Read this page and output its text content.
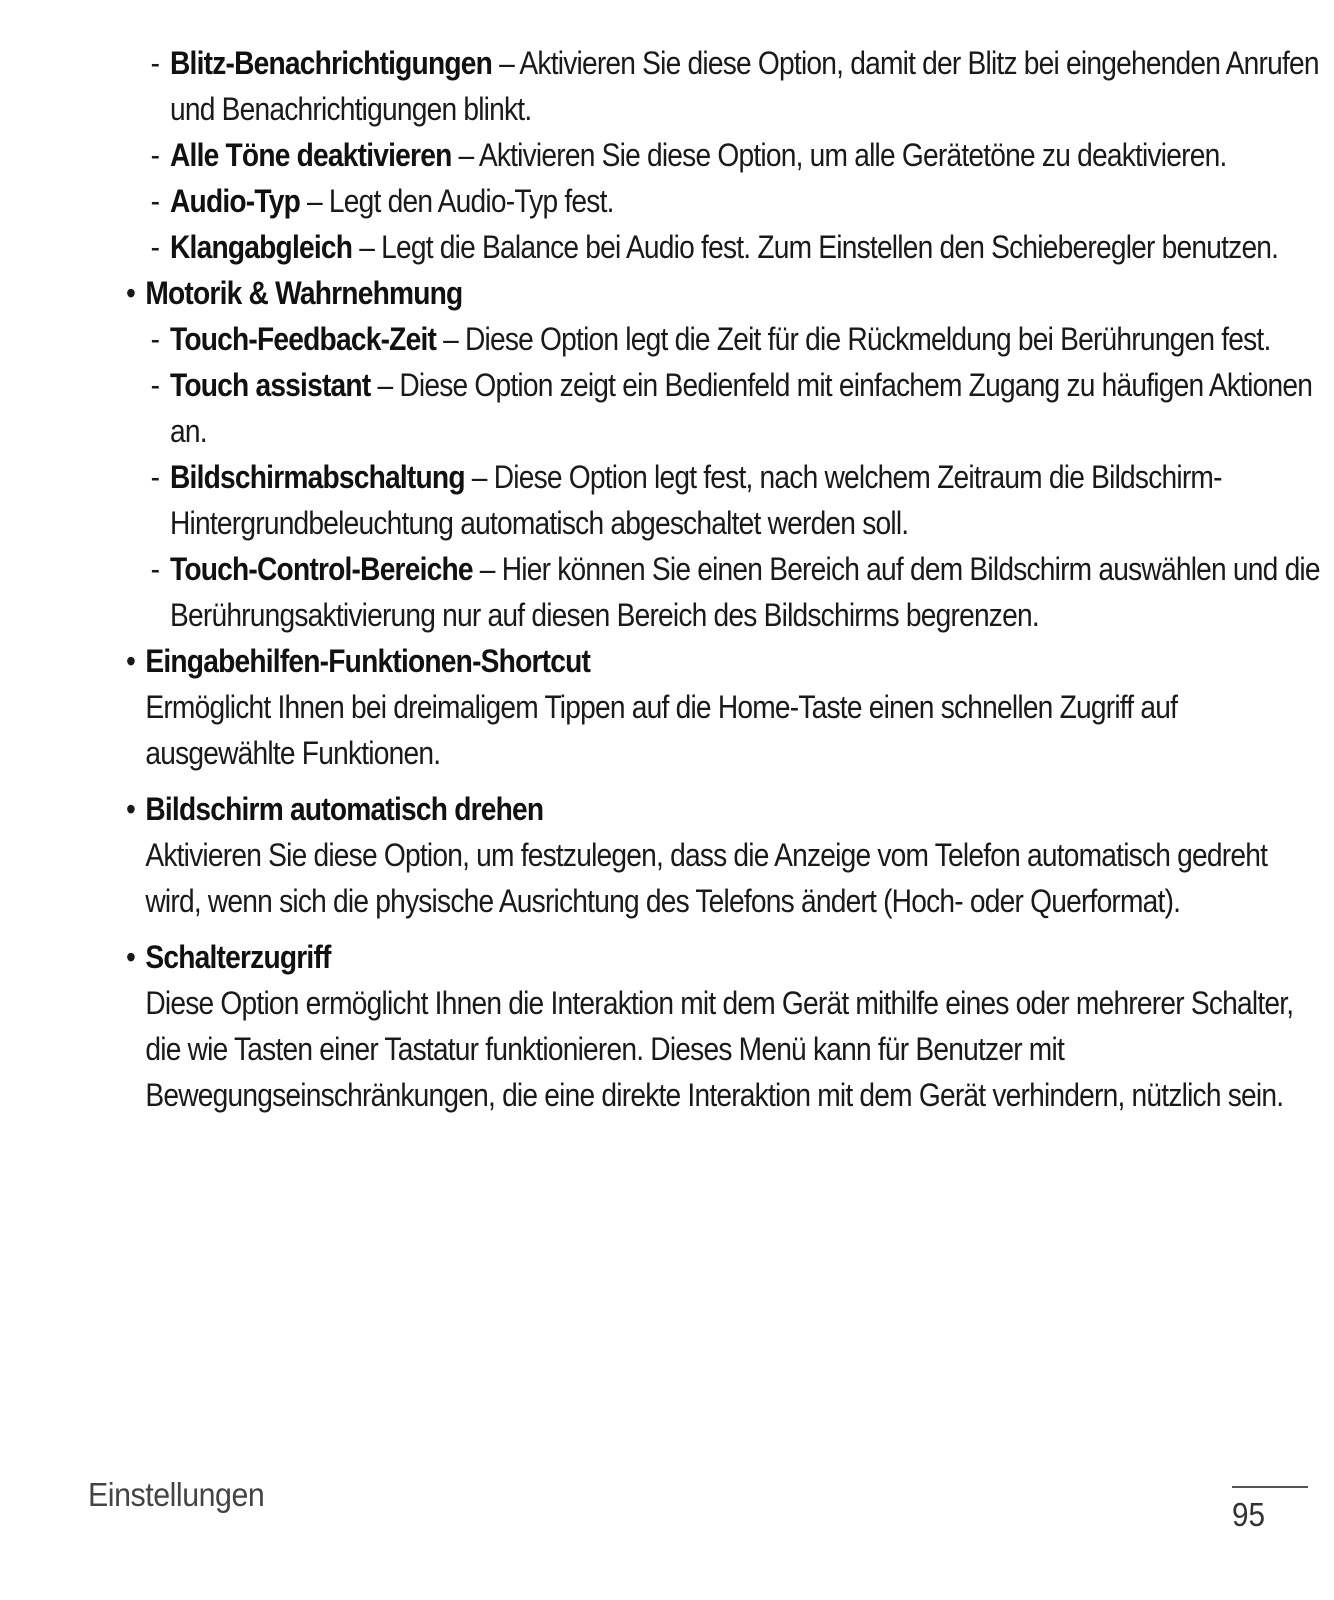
- Blitz-Benachrichtigungen – Aktivieren Sie diese Option, damit der Blitz bei eingehenden Anrufen und Benachrichtigungen blinkt.
- Alle Töne deaktivieren – Aktivieren Sie diese Option, um alle Gerätetöne zu deaktivieren.
- Audio-Typ – Legt den Audio-Typ fest.
- Klangabgleich – Legt die Balance bei Audio fest. Zum Einstellen den Schieberegler benutzen.
• Motorik & Wahrnehmung
- Touch-Feedback-Zeit – Diese Option legt die Zeit für die Rückmeldung bei Berührungen fest.
- Touch assistant – Diese Option zeigt ein Bedienfeld mit einfachem Zugang zu häufigen Aktionen an.
- Bildschirmabschaltung – Diese Option legt fest, nach welchem Zeitraum die Bildschirm-Hintergrundbeleuchtung automatisch abgeschaltet werden soll.
- Touch-Control-Bereiche – Hier können Sie einen Bereich auf dem Bildschirm auswählen und die Berührungsaktivierung nur auf diesen Bereich des Bildschirms begrenzen.
• Eingabehilfen-Funktionen-Shortcut
Ermöglicht Ihnen bei dreimaligem Tippen auf die Home-Taste einen schnellen Zugriff auf ausgewählte Funktionen.
• Bildschirm automatisch drehen
Aktivieren Sie diese Option, um festzulegen, dass die Anzeige vom Telefon automatisch gedreht wird, wenn sich die physische Ausrichtung des Telefons ändert (Hoch- oder Querformat).
• Schalterzugriff
Diese Option ermöglicht Ihnen die Interaktion mit dem Gerät mithilfe eines oder mehrerer Schalter, die wie Tasten einer Tastatur funktionieren. Dieses Menü kann für Benutzer mit Bewegungseinschränkungen, die eine direkte Interaktion mit dem Gerät verhindern, nützlich sein.
Einstellungen
95
